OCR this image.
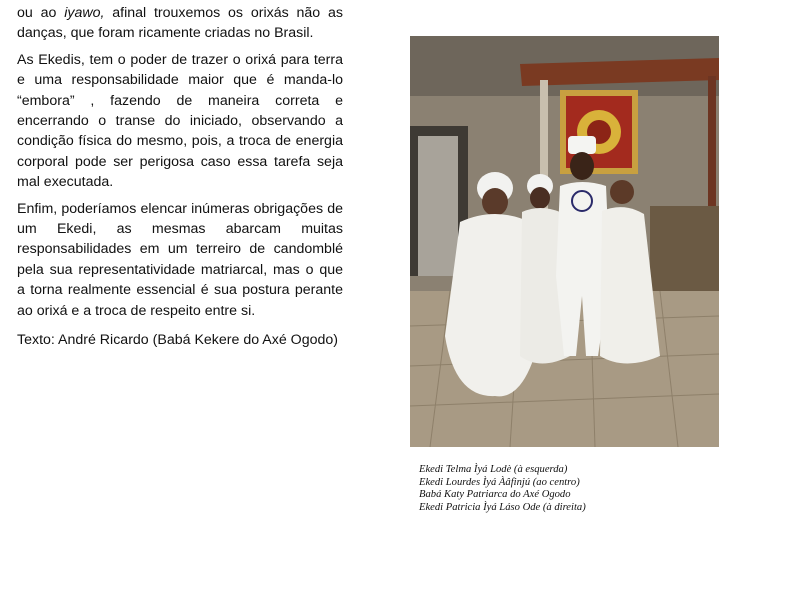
ou ao iyawo, afinal trouxemos os orixás não as danças, que foram ricamente criadas no Brasil.

As Ekedis, tem o poder de trazer o orixá para terra e uma responsabilidade maior que é manda-lo “embora” , fazendo de maneira correta e encerrando o transe do iniciado, observando a condição física do mesmo, pois, a troca de energia corporal pode ser perigosa caso essa tarefa seja mal executada.

Enfim, poderíamos elencar inúmeras obrigações de um Ekedi, as mesmas abarcam muitas responsabilidades em um terreiro de candomblé pela sua representatividade matriarcal, mas o que a torna realmente essencial é sua postura perante ao orixá e a troca de respeito entre si.

Texto: André Ricardo (Babá Kekere do Axé Ogodo)

Ekedi Telma Ìyá Lodè (à esquerda)
Ekedi Lourdes Ìyá Àâfinjú (ao centro)
Babá Katy Patriarca do Axé Ogodo
Ekedi Patricia Ìyá Láso Ode (à direita)
